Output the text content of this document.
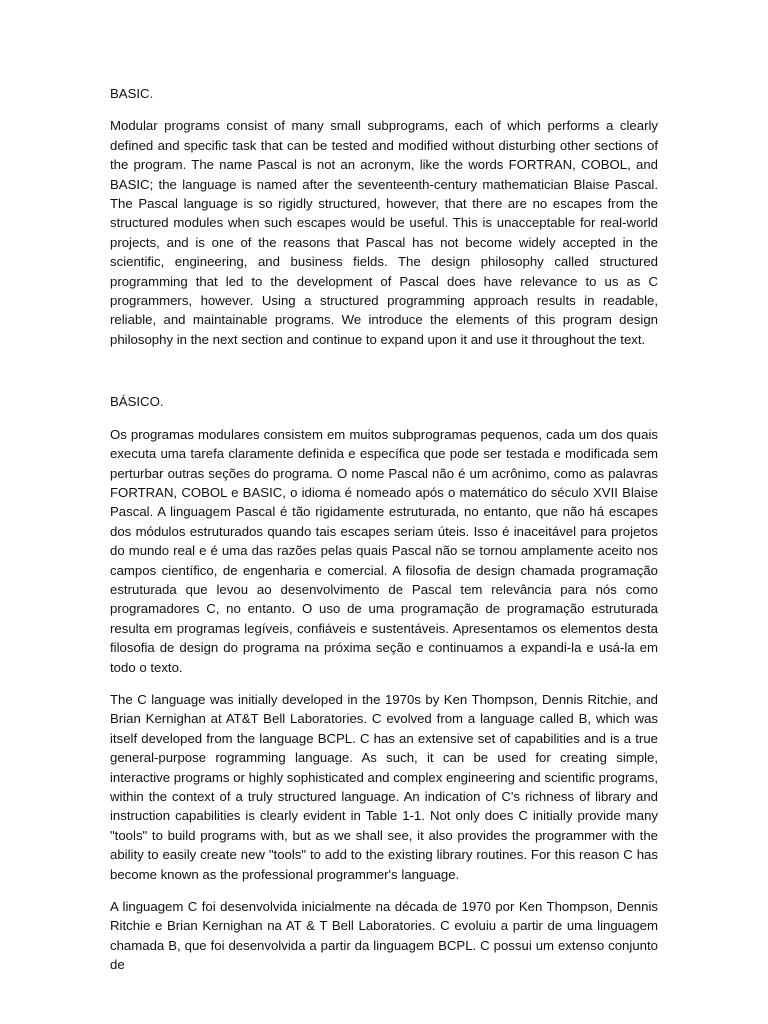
BASIC.
Modular programs consist of many small subprograms, each of which performs a clearly defined and specific task that can be tested and modified without disturbing other sections of the program. The name Pascal is not an acronym, like the words FORTRAN, COBOL, and BASIC; the language is named after the seventeenth-century mathematician Blaise Pascal. The Pascal language is so rigidly structured, however, that there are no escapes from the structured modules when such escapes would be useful. This is unacceptable for real-world projects, and is one of the reasons that Pascal has not become widely accepted in the scientific, engineering, and business fields. The design philosophy called structured programming that led to the development of Pascal does have relevance to us as C programmers, however. Using a structured programming approach results in readable, reliable, and maintainable programs. We introduce the elements of this program design philosophy in the next section and continue to expand upon it and use it throughout the text.
BÁSICO.
Os programas modulares consistem em muitos subprogramas pequenos, cada um dos quais executa uma tarefa claramente definida e específica que pode ser testada e modificada sem perturbar outras seções do programa. O nome Pascal não é um acrônimo, como as palavras FORTRAN, COBOL e BASIC, o idioma é nomeado após o matemático do século XVII Blaise Pascal. A linguagem Pascal é tão rigidamente estruturada, no entanto, que não há escapes dos módulos estruturados quando tais escapes seriam úteis. Isso é inaceitável para projetos do mundo real e é uma das razões pelas quais Pascal não se tornou amplamente aceito nos campos científico, de engenharia e comercial. A filosofia de design chamada programação estruturada que levou ao desenvolvimento de Pascal tem relevância para nós como programadores C, no entanto. O uso de uma programação de programação estruturada resulta em programas legíveis, confiáveis e sustentáveis. Apresentamos os elementos desta filosofia de design do programa na próxima seção e continuamos a expandi-la e usá-la em todo o texto.
The C language was initially developed in the 1970s by Ken Thompson, Dennis Ritchie, and Brian Kernighan at AT&T Bell Laboratories. C evolved from a language called B, which was itself developed from the language BCPL. C has an extensive set of capabilities and is a true general-purpose rogramming language. As such, it can be used for creating simple, interactive programs or highly sophisticated and complex engineering and scientific programs, within the context of a truly structured language. An indication of C's richness of library and instruction capabilities is clearly evident in Table 1-1. Not only does C initially provide many "tools" to build programs with, but as we shall see, it also provides the programmer with the ability to easily create new "tools" to add to the existing library routines. For this reason C has become known as the professional programmer's language.
A linguagem C foi desenvolvida inicialmente na década de 1970 por Ken Thompson, Dennis Ritchie e Brian Kernighan na AT & T Bell Laboratories. C evoluiu a partir de uma linguagem chamada B, que foi desenvolvida a partir da linguagem BCPL. C possui um extenso conjunto de
